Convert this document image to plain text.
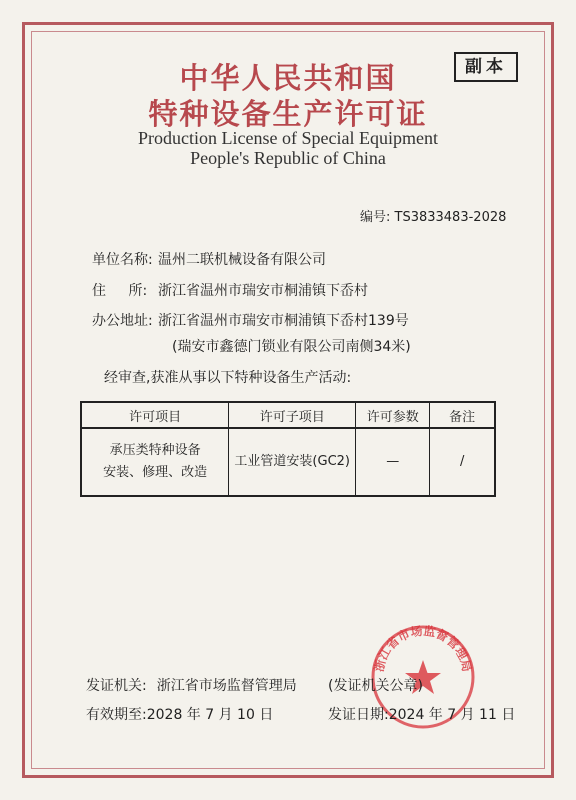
副本
中华人民共和国
特种设备生产许可证
Production License of Special Equipment
People's Republic of China
编号: TS3833483-2028
单位名称: 温州二联机械设备有限公司
住 所: 浙江省温州市瑞安市桐浦镇下岙村
办公地址: 浙江省温州市瑞安市桐浦镇下岙村139号
(瑞安市鑫德门锁业有限公司南侧34米)
经审查,获准从事以下特种设备生产活动:
许可项目	许可子项目	许可参数	备注

承压类特种设备
安装、修理、改造	工业管道安装(GC2)	—	/
浙江省市场监督管理局
发证机关: 浙江省市场监督管理局 (发证机关公章)
有效期至:2028 年 7 月 10 日	发证日期:2024 年 7 月 11 日
